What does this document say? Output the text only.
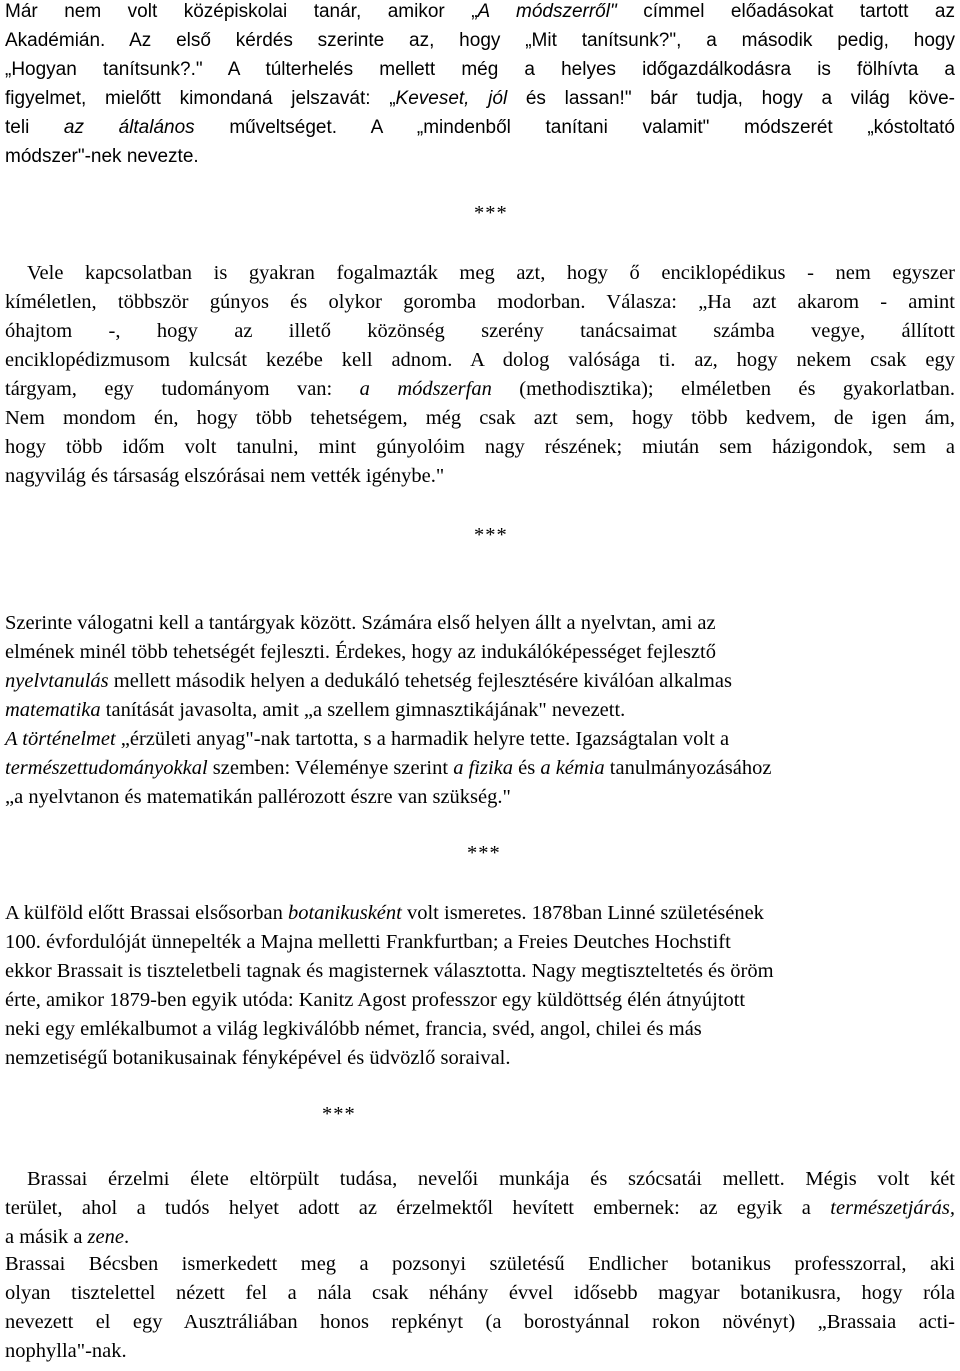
Már nem volt középiskolai tanár, amikor „A módszerről" címmel előadásokat tartott az
Akadémián. Az első kérdés szerinte az, hogy „Mit tanítsunk?", a második pedig, hogy
„Hogyan tanítsunk?." A túlterhelés mellett még a helyes időgazdálkodásra is fölhívta a
figyelmet, mielőtt kimondaná jelszavát: „Keveset, jól és lassan!" bár tudja, hogy a világ köve-
teli az általános műveltséget. A „mindenből tanítani valamit" módszerét „kóstoltató
módszer"-nek nevezte.
***
Vele kapcsolatban is gyakran fogalmazták meg azt, hogy ő enciklopédikus - nem egyszer
kíméletlen, többször gúnyos és olykor goromba modorban. Válasza: „Ha azt akarom - amint
óhajtom -, hogy az illető közönség szerény tanácsaimat számba vegye, állított
enciklopédizmusom kulcsát kezébe kell adnom. A dolog valósága ti. az, hogy nekem csak egy
tárgyam, egy tudományom van: a módszerfan (methodisztika); elméletben és gyakorlatban.
Nem mondom én, hogy több tehetségem, még csak azt sem, hogy több kedvem, de igen ám,
hogy több időm volt tanulni, mint gúnyolóim nagy részének; miután sem házigondok, sem a
nagyvilág és társaság elszórásai nem vették igénybe."
***
Szerinte válogatni kell a tantárgyak között. Számára első helyen állt a nyelvtan, ami az
elmének minél több tehetségét fejleszti. Érdekes, hogy az indukálóképességet fejlesztő
nyelvtanulás mellett második helyen a dedukáló tehetség fejlesztésére kiválóan alkalmas
matematika tanítását javasolta, amit „a szellem gimnasztikájának" nevezett.
A történelmet „érzületi anyag"-nak tartotta, s a harmadik helyre tette. Igazságtalan volt a
természettudományokkal szemben: Véleménye szerint a fizika és a kémia tanulmányozásához
„a nyelvtanon és matematikán pallérozott észre van szükség."
***
A külföld előtt Brassai elsősorban botanikusként volt ismeretes. 1878ban Linné születésének
100. évfordulóját ünnepelték a Majna melletti Frankfurtban; a Freies Deutches Hochstift
ekkor Brassait is tiszteletbeli tagnak és magisternek választotta. Nagy megtiszteltetés és öröm
érte, amikor 1879-ben egyik utóda: Kanitz Agost professzor egy küldöttség élén átnyújtott
neki egy emlékalbumot a világ legkiválóbb német, francia, svéd, angol, chilei és más
nemzetiségű botanikusainak fényképével és üdvözlő soraival.
***
Brassai érzelmi élete eltörpült tudása, nevelői munkája és szócsatái mellett. Mégis volt két
terület, ahol a tudós helyet adott az érzelmektől hevített embernek: az egyik a természetjárás,
a másik a zene.
Brassai Bécsben ismerkedett meg a pozsonyi születésű Endlicher botanikus professzorral, aki
olyan tisztelettel nézett fel a nála csak néhány évvel idősebb magyar botanikusra, hogy róla
nevezett el egy Ausztráliában honos repkényt (a borostyánnal rokon növényt) „Brassaia acti-
nophylla"-nak.
